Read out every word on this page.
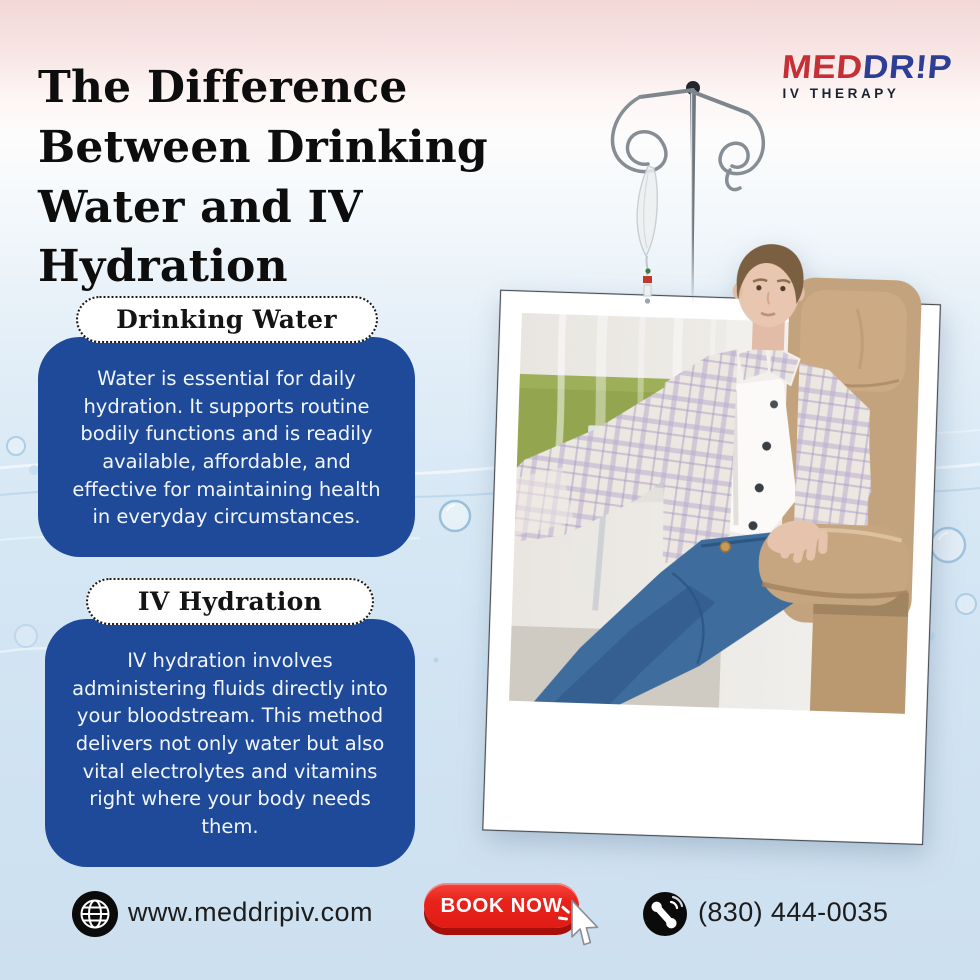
The Difference Between Drinking Water and IV Hydration
MEDDR!P
IV THERAPY
Drinking Water
Water is essential for daily hydration. It supports routine bodily functions and is readily available, affordable, and effective for maintaining health in everyday circumstances.
IV Hydration
IV hydration involves administering fluids directly into your bloodstream. This method delivers not only water but also vital electrolytes and vitamins right where your body needs them.
www.meddripiv.com	BOOK NOW	(830) 444-0035
